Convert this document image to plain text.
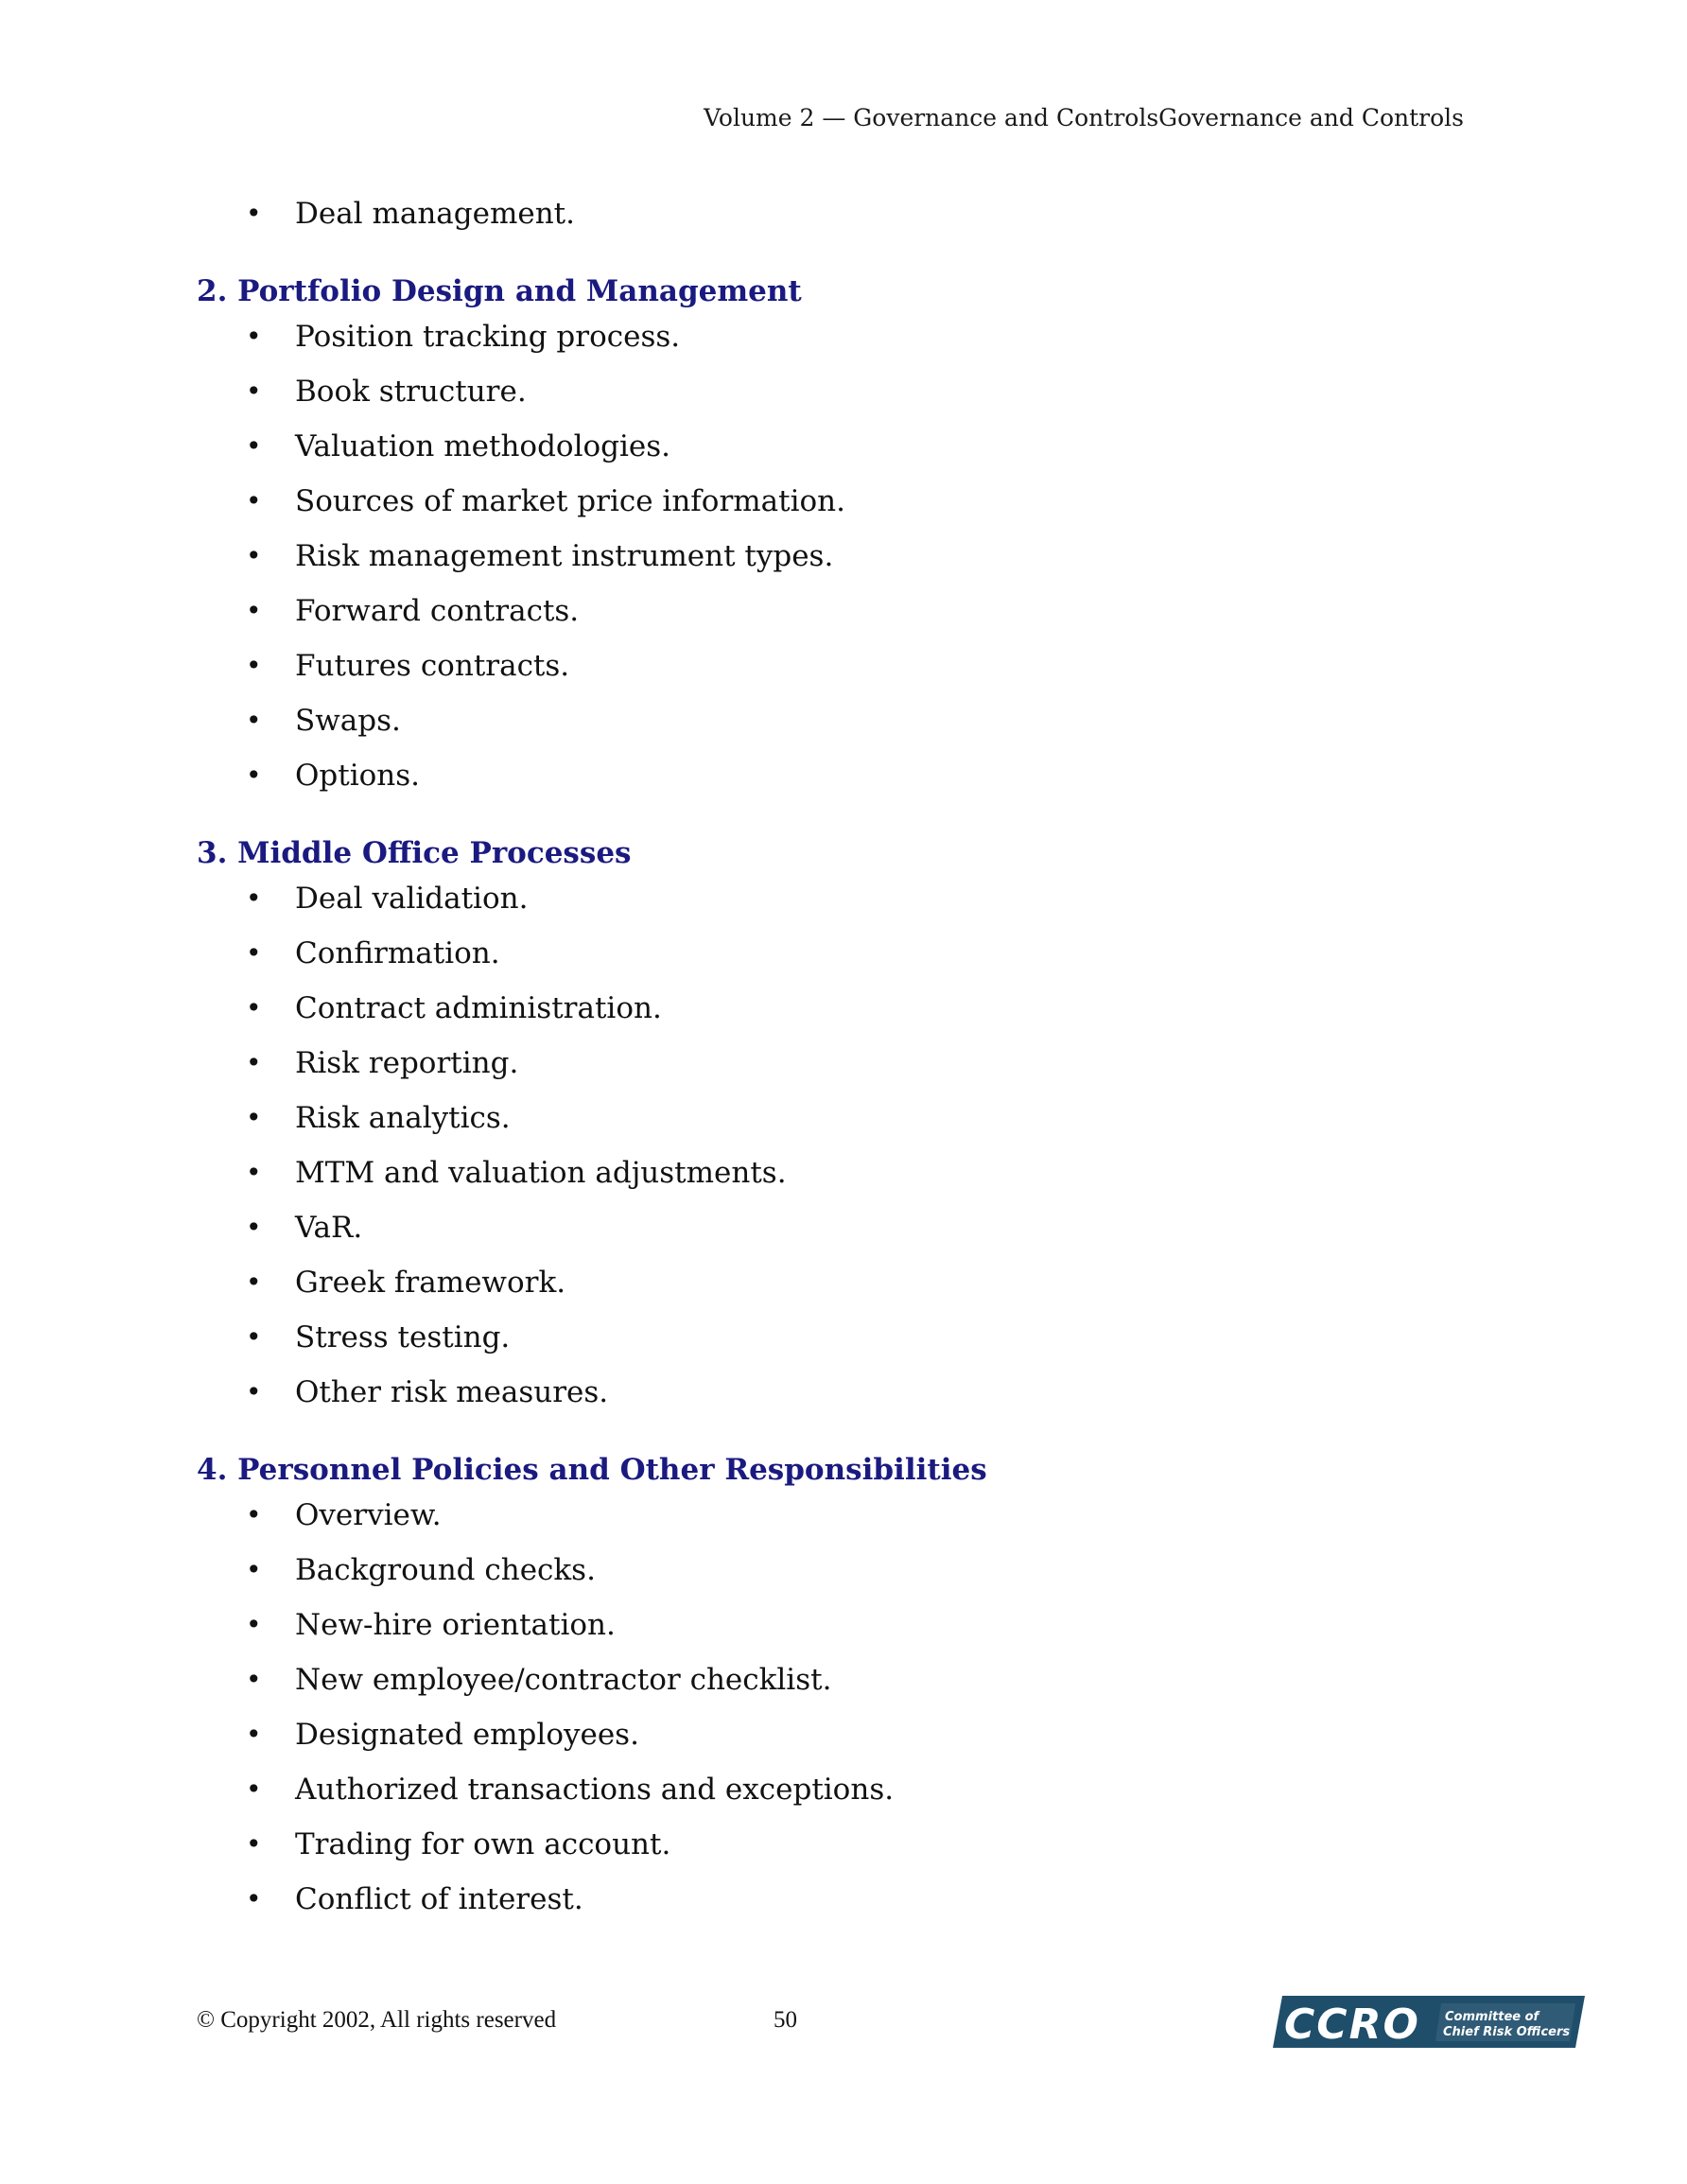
Volume 2 — Governance and ControlsGovernance and Controls
• Deal management.
2. Portfolio Design and Management
• Position tracking process.
• Book structure.
• Valuation methodologies.
• Sources of market price information.
• Risk management instrument types.
• Forward contracts.
• Futures contracts.
• Swaps.
• Options.
3. Middle Office Processes
• Deal validation.
• Confirmation.
• Contract administration.
• Risk reporting.
• Risk analytics.
• MTM and valuation adjustments.
• VaR.
• Greek framework.
• Stress testing.
• Other risk measures.
4. Personnel Policies and Other Responsibilities
• Overview.
• Background checks.
• New-hire orientation.
• New employee/contractor checklist.
• Designated employees.
• Authorized transactions and exceptions.
• Trading for own account.
• Conflict of interest.
© Copyright 2002, All rights reserved	50	CCRO Committee of
Chief Risk Officers
